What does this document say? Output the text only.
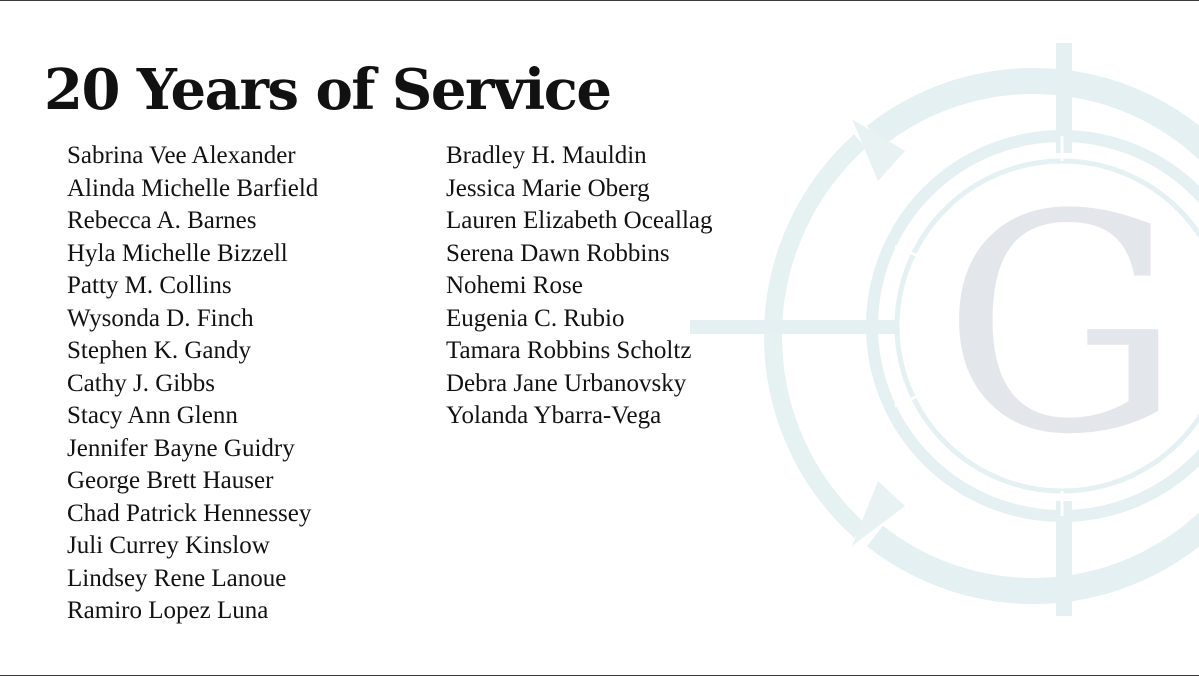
G
20 Years of Service
Sabrina Vee Alexander
Alinda Michelle Barfield
Rebecca A. Barnes
Hyla Michelle Bizzell
Patty M. Collins
Wysonda D. Finch
Stephen K. Gandy
Cathy J. Gibbs
Stacy Ann Glenn
Jennifer Bayne Guidry
George Brett Hauser
Chad Patrick Hennessey
Juli Currey Kinslow
Lindsey Rene Lanoue
Ramiro Lopez Luna
Bradley H. Mauldin
Jessica Marie Oberg
Lauren Elizabeth Oceallag
Serena Dawn Robbins
Nohemi Rose
Eugenia C. Rubio
Tamara Robbins Scholtz
Debra Jane Urbanovsky
Yolanda Ybarra-Vega
